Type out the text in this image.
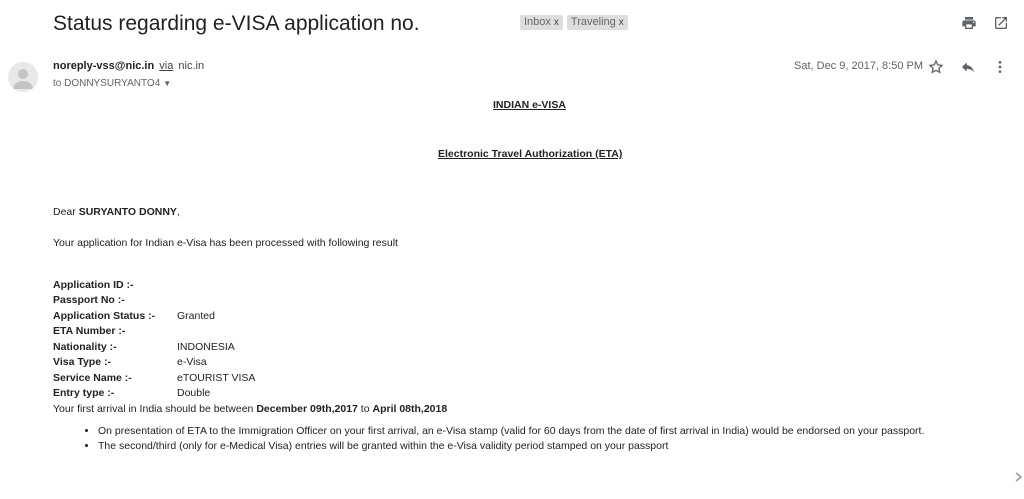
Status regarding e-VISA application no.	Inbox x Traveling x
noreply-vss@nic.in via nic.in
to DONNYSURYANTO4 ▼
Sat, Dec 9, 2017, 8:50 PM
INDIAN e-VISA
Electronic Travel Authorization (ETA)
Dear SURYANTO DONNY,
Your application for Indian e-Visa has been processed with following result
Application ID :-
Passport No :-
Application Status :- Granted
ETA Number :-
Nationality :-	INDONESIA
Visa Type :-	e-Visa
Service Name :-	eTOURIST VISA
Entry type :-	Double
Your first arrival in India should be between December 09th,2017 to April 08th,2018
• On presentation of ETA to the Immigration Officer on your first arrival, an e-Visa stamp (valid for 60 days from the date of first arrival in India) would be endorsed on your passport.
• The second/third (only for e-Medical Visa) entries will be granted within the e-Visa validity period stamped on your passport
